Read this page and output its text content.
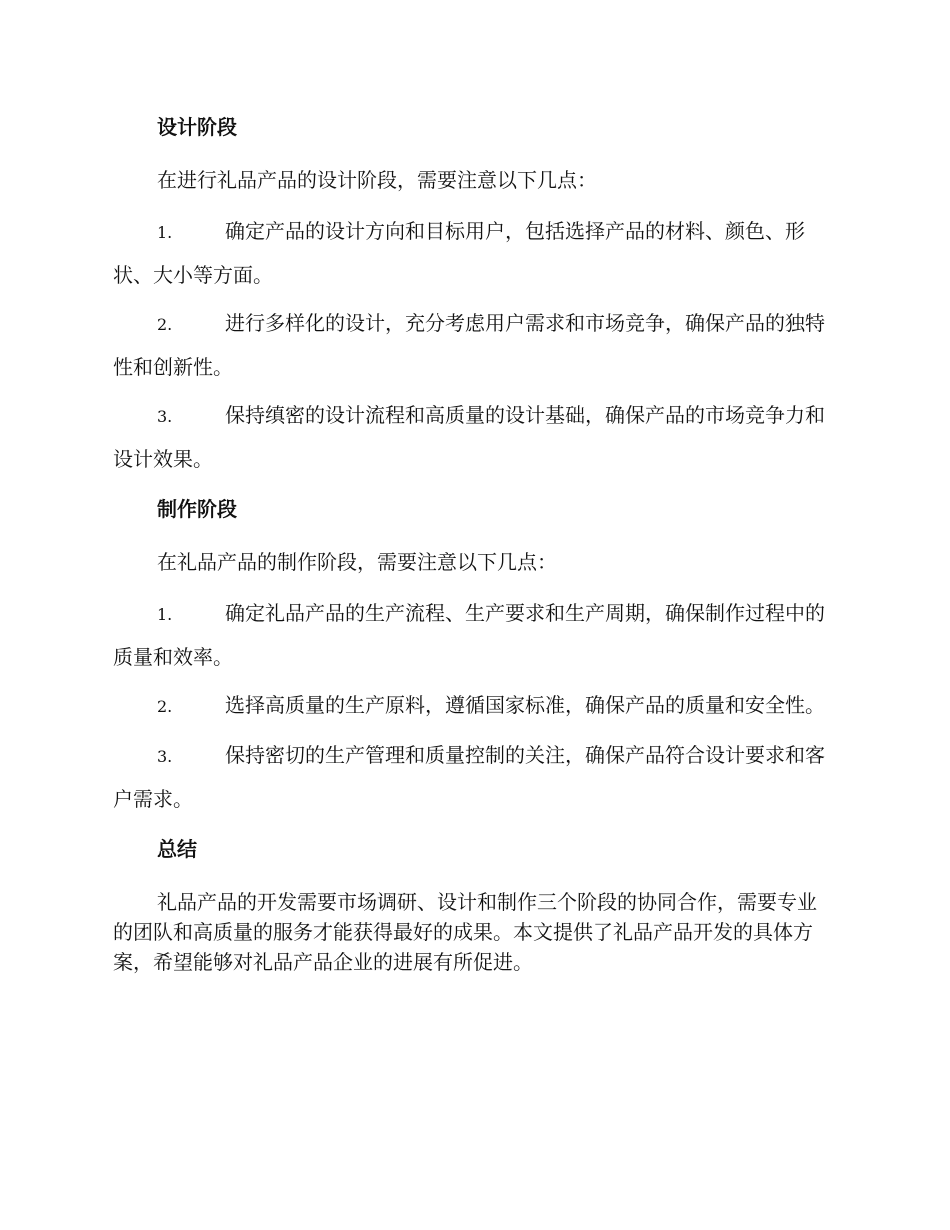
设计阶段

在进行礼品产品的设计阶段，需要注意以下几点：

1.	确定产品的设计方向和目标用户，包括选择产品的材料、颜色、形状、大小等方面。

2.	进行多样化的设计，充分考虑用户需求和市场竞争，确保产品的独特性和创新性。

3.	保持缜密的设计流程和高质量的设计基础，确保产品的市场竞争力和设计效果。

制作阶段

在礼品产品的制作阶段，需要注意以下几点：

1.	确定礼品产品的生产流程、生产要求和生产周期，确保制作过程中的质量和效率。

2.	选择高质量的生产原料，遵循国家标准，确保产品的质量和安全性。

3.	保持密切的生产管理和质量控制的关注，确保产品符合设计要求和客户需求。

总结

礼品产品的开发需要市场调研、设计和制作三个阶段的协同合作，需要专业的团队和高质量的服务才能获得最好的成果。本文提供了礼品产品开发的具体方案，希望能够对礼品产品企业的进展有所促进。
